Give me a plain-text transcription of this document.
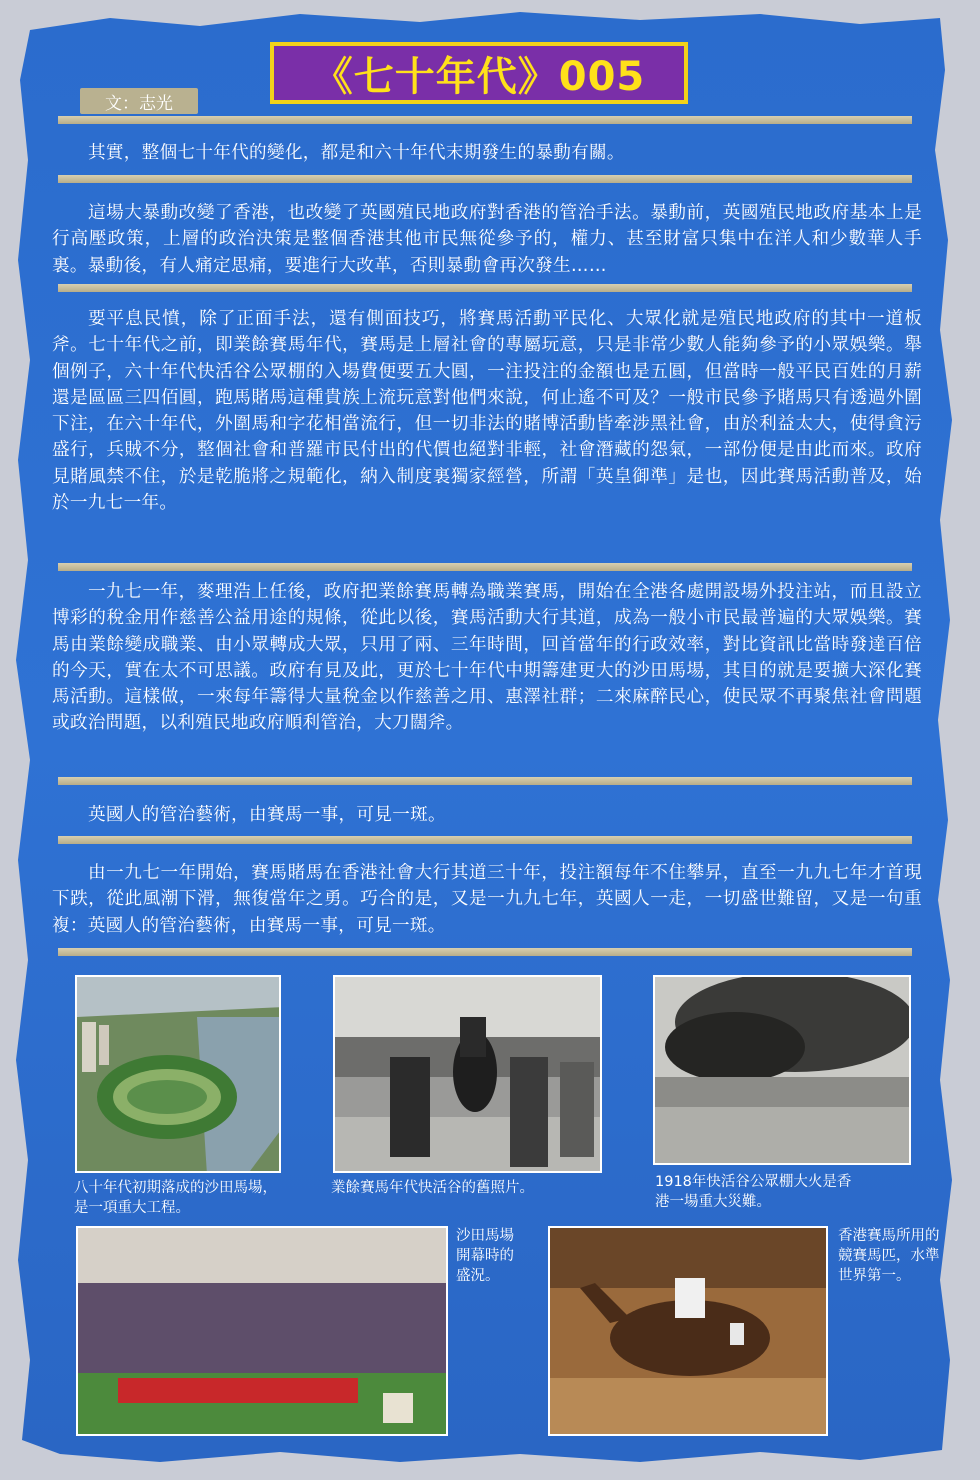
《七十年代》005
文：志光

其實，整個七十年代的變化，都是和六十年代末期發生的暴動有關。

這場大暴動改變了香港，也改變了英國殖民地政府對香港的管治手法。暴動前，英國殖民地政府基本上是行高壓政策，上層的政治決策是整個香港其他市民無從參予的，權力、甚至財富只集中在洋人和少數華人手裏。暴動後，有人痛定思痛，要進行大改革，否則暴動會再次發生……

要平息民憤，除了正面手法，還有側面技巧，將賽馬活動平民化、大眾化就是殖民地政府的其中一道板斧。七十年代之前，即業餘賽馬年代，賽馬是上層社會的專屬玩意，只是非常少數人能夠參予的小眾娛樂。舉個例子，六十年代快活谷公眾棚的入場費便要五大圓，一注投注的金額也是五圓，但當時一般平民百姓的月薪還是區區三四佰圓，跑馬賭馬這種貴族上流玩意對他們來說，何止遙不可及？一般市民參予賭馬只有透過外圍下注，在六十年代，外圍馬和字花相當流行，但一切非法的賭博活動皆牽涉黑社會，由於利益太大，使得貪污盛行，兵賊不分，整個社會和普羅市民付出的代價也絕對非輕，社會潛藏的怨氣，一部份便是由此而來。政府見賭風禁不住，於是乾脆將之規範化，納入制度裏獨家經營，所謂「英皇御準」是也，因此賽馬活動普及，始於一九七一年。

一九七一年，麥理浩上任後，政府把業餘賽馬轉為職業賽馬，開始在全港各處開設場外投注站，而且設立博彩的稅金用作慈善公益用途的規條，從此以後，賽馬活動大行其道，成為一般小市民最普遍的大眾娛樂。賽馬由業餘變成職業、由小眾轉成大眾，只用了兩、三年時間，回首當年的行政效率，對比資訊比當時發達百倍的今天，實在太不可思議。政府有見及此，更於七十年代中期籌建更大的沙田馬場，其目的就是要擴大深化賽馬活動。這樣做，一來每年籌得大量稅金以作慈善之用、惠澤社群；二來麻醉民心，使民眾不再聚焦社會問題或政治問題，以利殖民地政府順利管治，大刀闊斧。

英國人的管治藝術，由賽馬一事，可見一斑。

由一九七一年開始，賽馬賭馬在香港社會大行其道三十年，投注額每年不住攀昇，直至一九九七年才首現下跌，從此風潮下滑，無復當年之勇。巧合的是，又是一九九七年，英國人一走，一切盛世難留，又是一句重複：英國人的管治藝術，由賽馬一事，可見一斑。

八十年代初期落成的沙田馬場，是一項重大工程。
業餘賽馬年代快活谷的舊照片。	1918年快活谷公眾棚大火是香港一場重大災難。
沙田馬場開幕時的盛況。
香港賽馬所用的競賽馬匹，水準世界第一。
